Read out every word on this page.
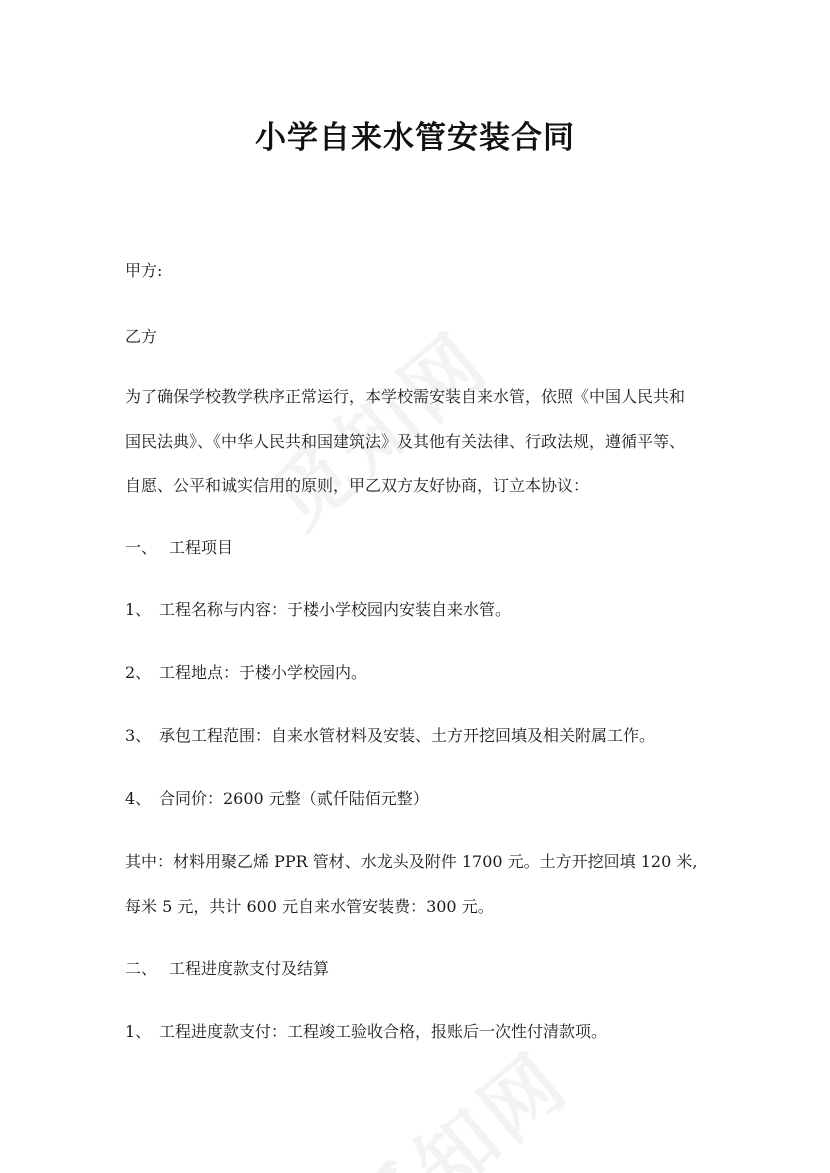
小学自来水管安装合同
甲方:
乙方
为了确保学校教学秩序正常运行，本学校需安装自来水管，依照《中国人民共和
国民法典》、《中华人民共和国建筑法》及其他有关法律、行政法规，遵循平等、
自愿、公平和诚实信用的原则，甲乙双方友好协商，订立本协议：
一、 工程项目
1、 工程名称与内容：于楼小学校园内安装自来水管。
2、 工程地点：于楼小学校园内。
3、 承包工程范围：自来水管材料及安装、土方开挖回填及相关附属工作。
4、 合同价：2600 元整（贰仟陆佰元整）
其中：材料用聚乙烯 PPR 管材、水龙头及附件 1700 元。土方开挖回填 120 米,
每米 5 元，共计 600 元自来水管安装费：300 元。
二、 工程进度款支付及结算
1、 工程进度款支付：工程竣工验收合格，报账后一次性付清款项。
